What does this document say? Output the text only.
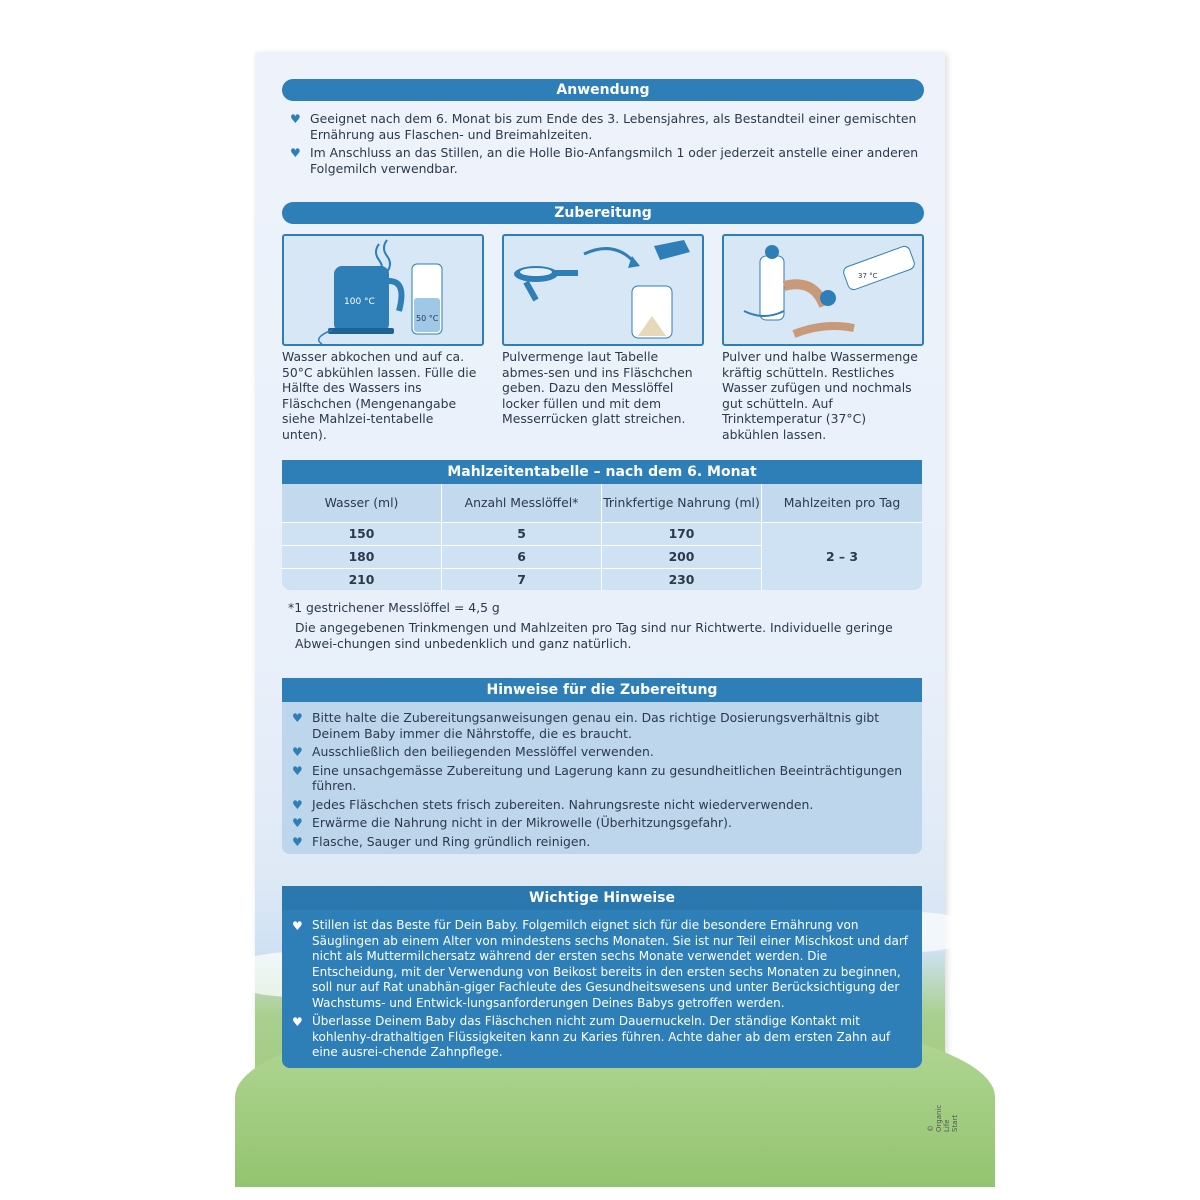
Anwendung
♥ Geeignet nach dem 6. Monat bis zum Ende des 3. Lebensjahres, als Bestandteil einer gemischten Ernährung aus Flaschen- und Breimahlzeiten.
♥ Im Anschluss an das Stillen, an die Holle Bio-Anfangsmilch 1 oder jederzeit anstelle einer anderen Folgemilch verwendbar.
Zubereitung
100 °C
50 °C
37 °C
Wasser abkochen und auf ca. 50°C abkühlen lassen. Fülle die Hälfte des Wassers ins Fläschchen (Mengenangabe siehe Mahlzei-tentabelle unten).
Pulvermenge laut Tabelle abmes-sen und ins Fläschchen geben. Dazu den Messlöffel locker füllen und mit dem Messerrücken glatt streichen.
Pulver und halbe Wassermenge kräftig schütteln. Restliches Wasser zufügen und nochmals gut schütteln. Auf Trinktemperatur (37°C) abkühlen lassen.
Mahlzeitentabelle – nach dem 6. Monat
Wasser (ml)
150
180
210
Anzahl Messlöffel*
5
6
7
Trinkfertige Nahrung (ml)
170
200
230
Mahlzeiten pro Tag
2 – 3
*1 gestrichener Messlöffel = 4,5 g
Die angegebenen Trinkmengen und Mahlzeiten pro Tag sind nur Richtwerte. Individuelle geringe Abwei-chungen sind unbedenklich und ganz natürlich.
Hinweise für die Zubereitung
♥ Bitte halte die Zubereitungsanweisungen genau ein. Das richtige Dosierungsverhältnis gibt Deinem Baby immer die Nährstoffe, die es braucht.
♥ Ausschließlich den beiliegenden Messlöffel verwenden.
♥ Eine unsachgemässe Zubereitung und Lagerung kann zu gesundheitlichen Beeinträchtigungen führen.
♥ Jedes Fläschchen stets frisch zubereiten. Nahrungsreste nicht wiederverwenden.
♥ Erwärme die Nahrung nicht in der Mikrowelle (Überhitzungsgefahr).
♥ Flasche, Sauger und Ring gründlich reinigen.
Wichtige Hinweise
♥ Stillen ist das Beste für Dein Baby. Folgemilch eignet sich für die besondere Ernährung von Säuglingen ab einem Alter von mindestens sechs Monaten. Sie ist nur Teil einer Mischkost und darf nicht als Muttermilchersatz während der ersten sechs Monate verwendet werden. Die Entscheidung, mit der Verwendung von Beikost bereits in den ersten sechs Monaten zu beginnen, soll nur auf Rat unabhän-giger Fachleute des Gesundheitswesens und unter Berücksichtigung der Wachstums- und Entwick-lungsanforderungen Deines Babys getroffen werden.
♥ Überlasse Deinem Baby das Fläschchen nicht zum Dauernuckeln. Der ständige Kontakt mit kohlenhy-drathaltigen Flüssigkeiten kann zu Karies führen. Achte daher ab dem ersten Zahn auf eine ausrei-chende Zahnpflege.
© Organic Life Start
